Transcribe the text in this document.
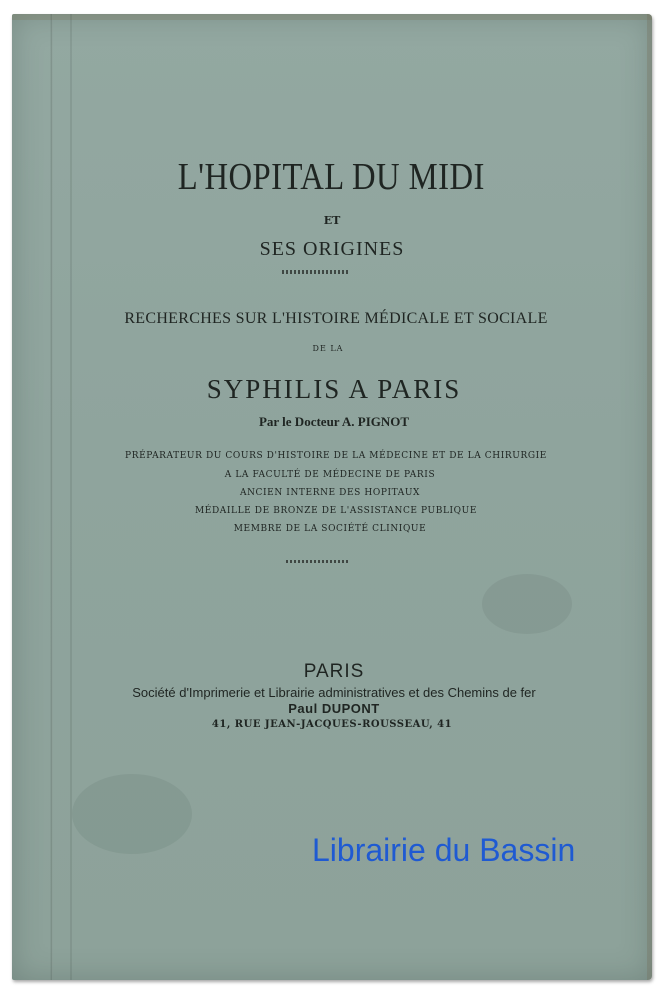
L'HOPITAL DU MIDI
ET
SES ORIGINES
RECHERCHES SUR L'HISTOIRE MÉDICALE ET SOCIALE
DE LA
SYPHILIS A PARIS
Par le Docteur A. PIGNOT
PRÉPARATEUR DU COURS D'HISTOIRE DE LA MÉDECINE ET DE LA CHIRURGIE
A LA FACULTÉ DE MÉDECINE DE PARIS
ANCIEN INTERNE DES HOPITAUX
MÉDAILLE DE BRONZE DE L'ASSISTANCE PUBLIQUE
MEMBRE DE LA SOCIÉTÉ CLINIQUE
PARIS
Société d'Imprimerie et Librairie administratives et des Chemins de fer
Paul DUPONT
41, RUE JEAN-JACQUES-ROUSSEAU, 41
Librairie du Bassin
